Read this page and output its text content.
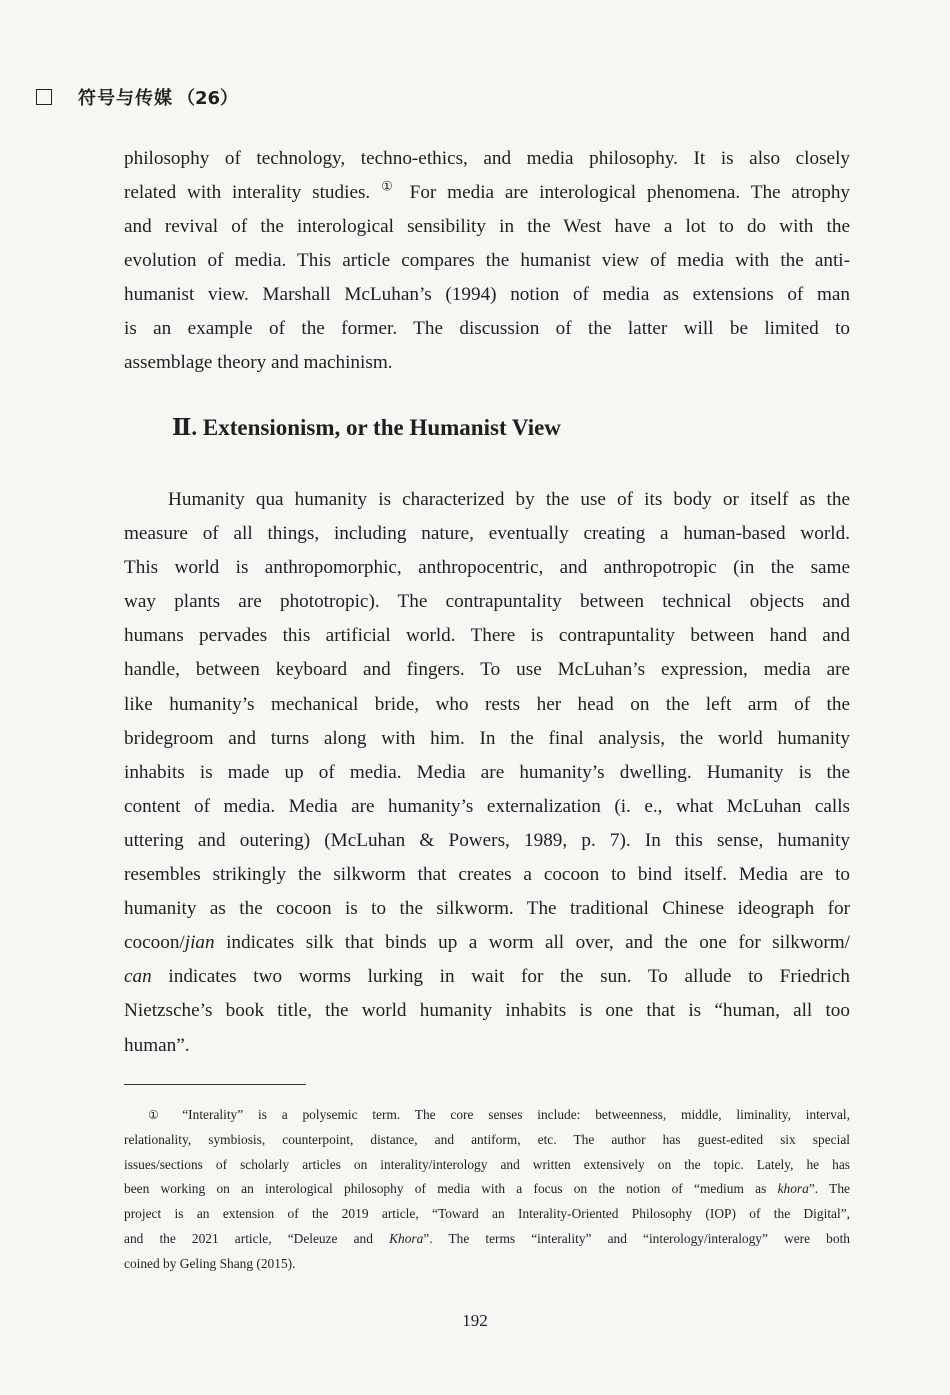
符号与传媒 （26）
philosophy of technology, techno-ethics, and media philosophy. It is also closely
related with interality studies. ① For media are interological phenomena. The atrophy
and revival of the interological sensibility in the West have a lot to do with the
evolution of media. This article compares the humanist view of media with the anti-
humanist view. Marshall McLuhan’s (1994) notion of media as extensions of man
is an example of the former. The discussion of the latter will be limited to
assemblage theory and machinism.
Ⅱ. Extensionism, or the Humanist View
Humanity qua humanity is characterized by the use of its body or itself as the
measure of all things, including nature, eventually creating a human-based world.
This world is anthropomorphic, anthropocentric, and anthropotropic (in the same
way plants are phototropic). The contrapuntality between technical objects and
humans pervades this artificial world. There is contrapuntality between hand and
handle, between keyboard and fingers. To use McLuhan’s expression, media are
like humanity’s mechanical bride, who rests her head on the left arm of the
bridegroom and turns along with him. In the final analysis, the world humanity
inhabits is made up of media. Media are humanity’s dwelling. Humanity is the
content of media. Media are humanity’s externalization (i. e., what McLuhan calls
uttering and outering) (McLuhan & Powers, 1989, p. 7). In this sense, humanity
resembles strikingly the silkworm that creates a cocoon to bind itself. Media are to
humanity as the cocoon is to the silkworm. The traditional Chinese ideograph for
cocoon/jian indicates silk that binds up a worm all over, and the one for silkworm/
can indicates two worms lurking in wait for the sun. To allude to Friedrich
Nietzsche’s book title, the world humanity inhabits is one that is “human, all too
human”.
① “Interality” is a polysemic term. The core senses include: betweenness, middle, liminality, interval,
relationality, symbiosis, counterpoint, distance, and antiform, etc. The author has guest-edited six special
issues/sections of scholarly articles on interality/interology and written extensively on the topic. Lately, he has
been working on an interological philosophy of media with a focus on the notion of “medium as khora”. The
project is an extension of the 2019 article, “Toward an Interality-Oriented Philosophy (IOP) of the Digital”,
and the 2021 article, “Deleuze and Khora”. The terms “interality” and “interology/interalogy” were both
coined by Geling Shang (2015).
192
